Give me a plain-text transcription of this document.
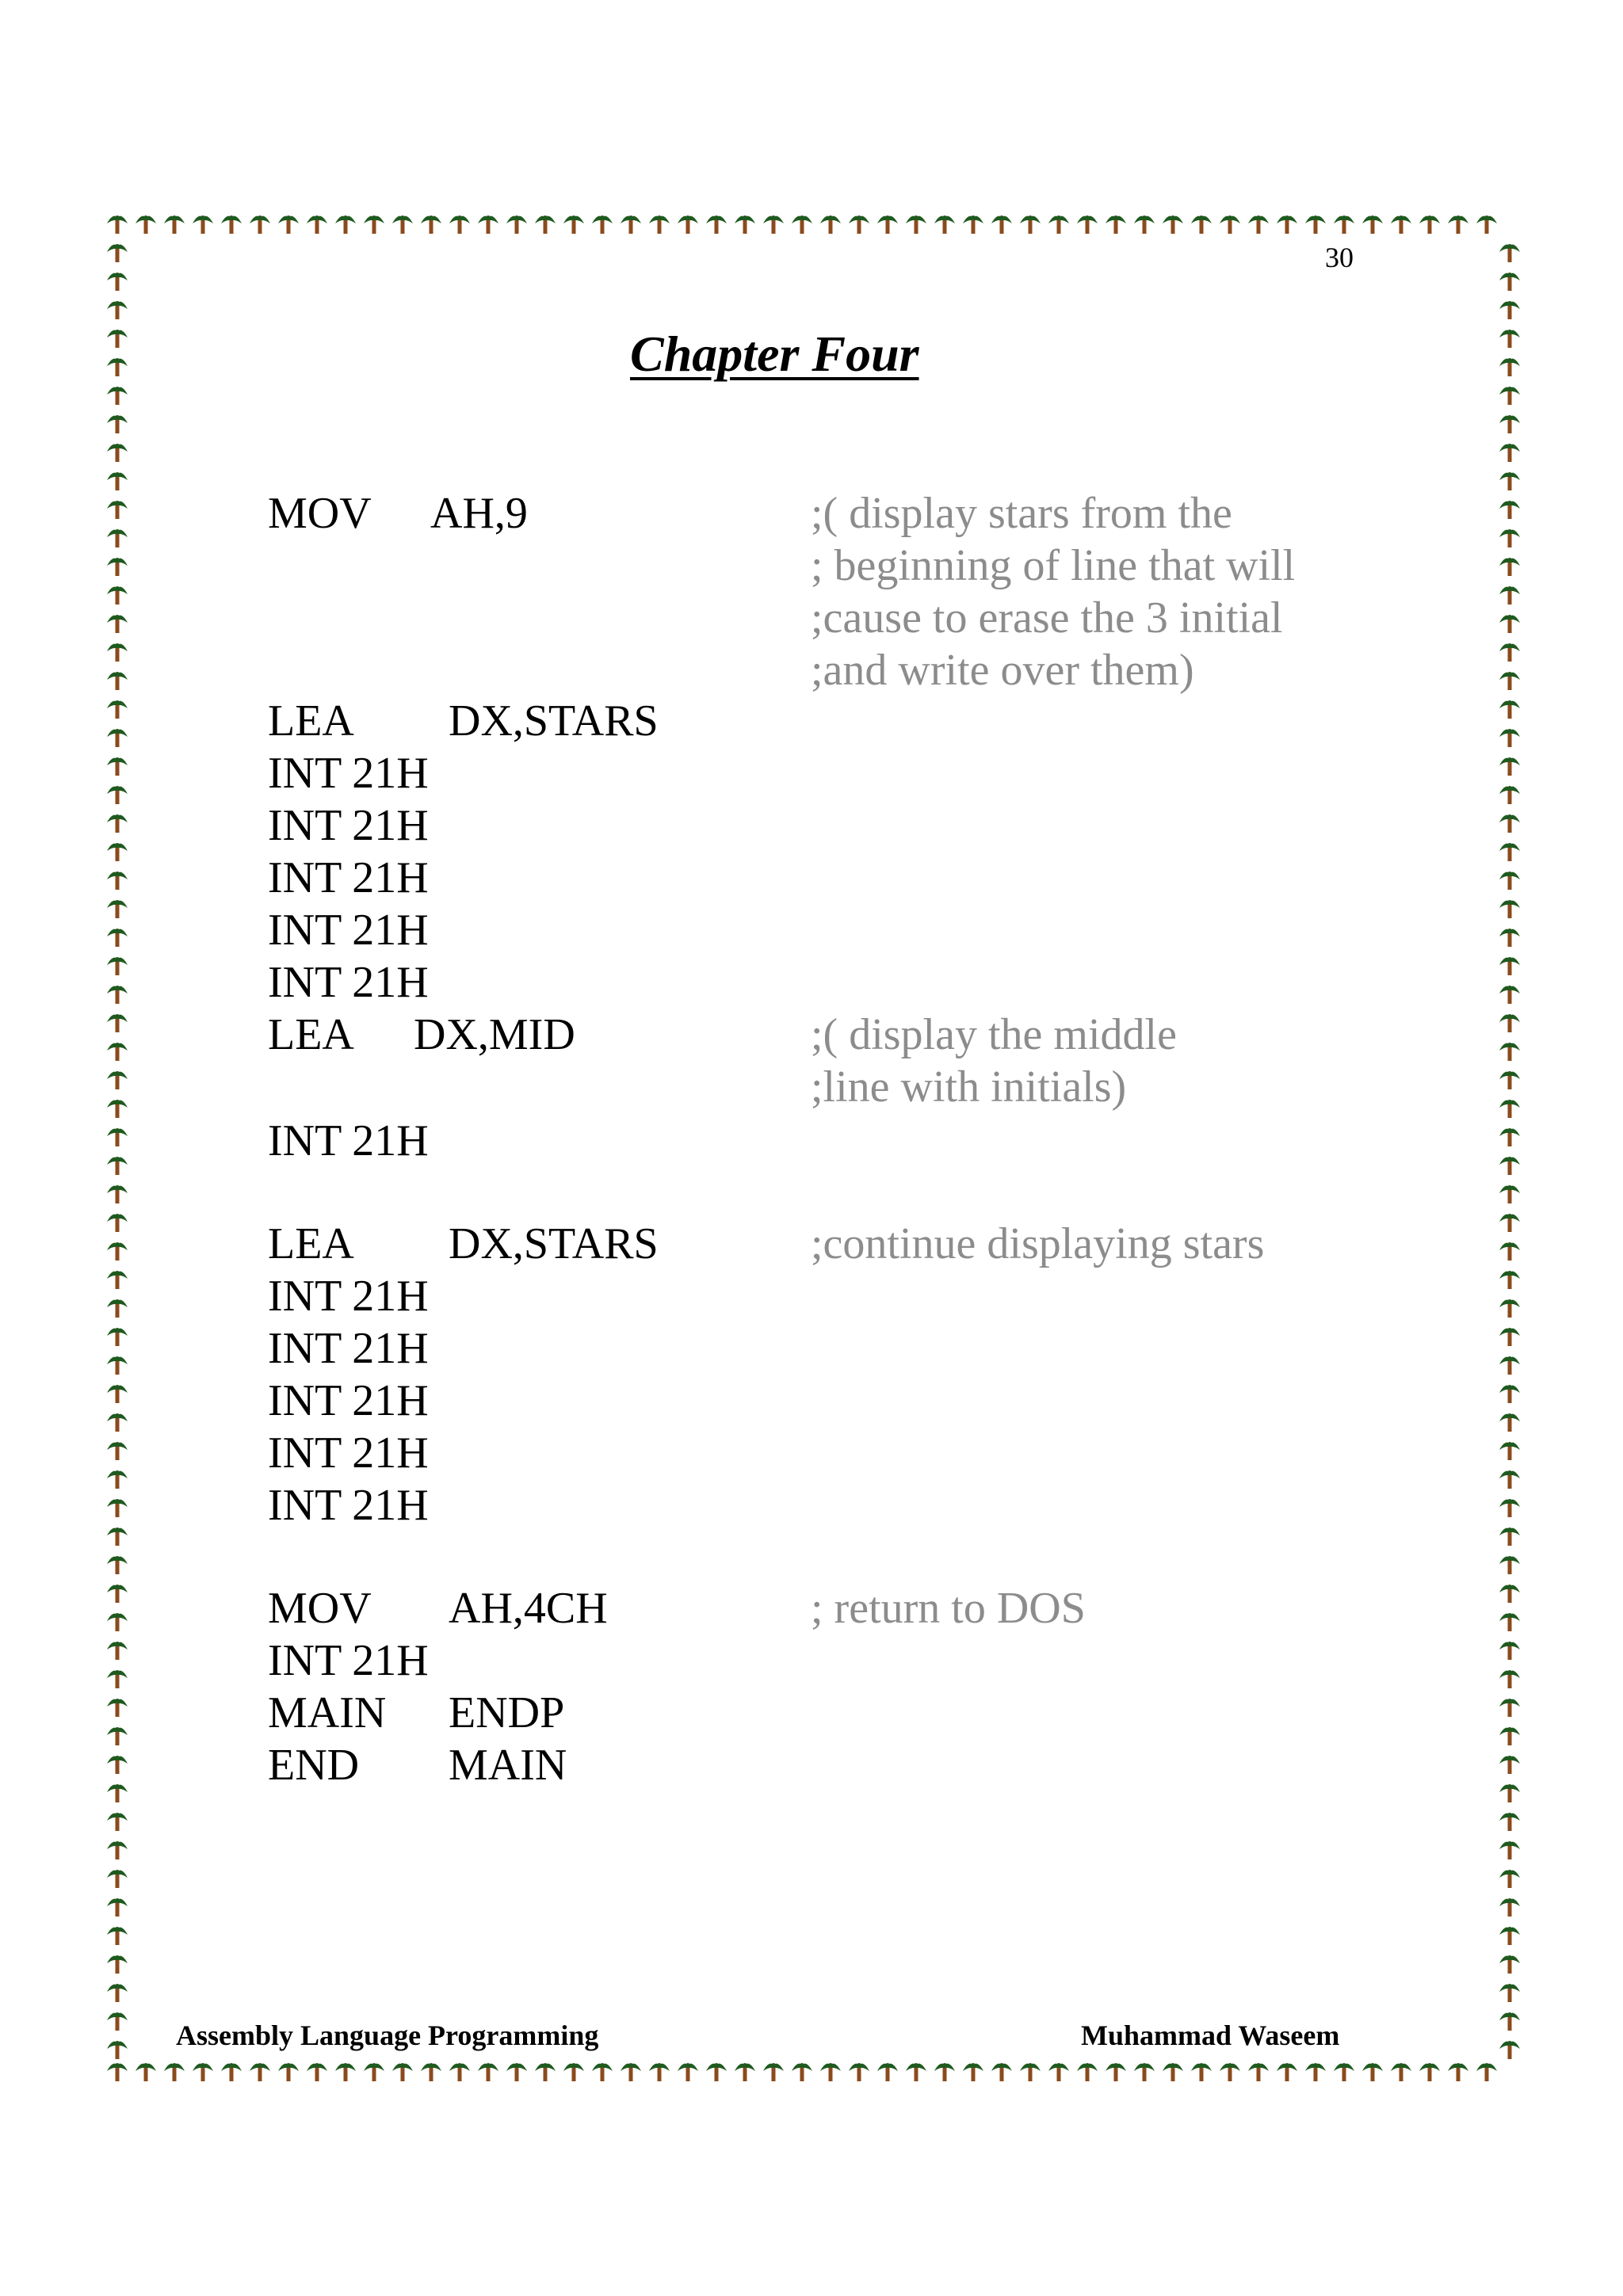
30
Chapter Four
MOV AH,9
LEA DX,STARS
INT 21H
INT 21H
INT 21H
INT 21H
INT 21H
LEA DX,MID
INT 21H
LEA DX,STARS
INT 21H
INT 21H
INT 21H
INT 21H
INT 21H
MOV AH,4CH
INT 21H
MAIN ENDP
END MAIN
;( display stars from the
; beginning of line that will
;cause to erase the 3 initial
;and write over them)
;( display the middle
;line with initials)
;continue displaying stars
; return to DOS
Assembly Language Programming	Muhammad Waseem
